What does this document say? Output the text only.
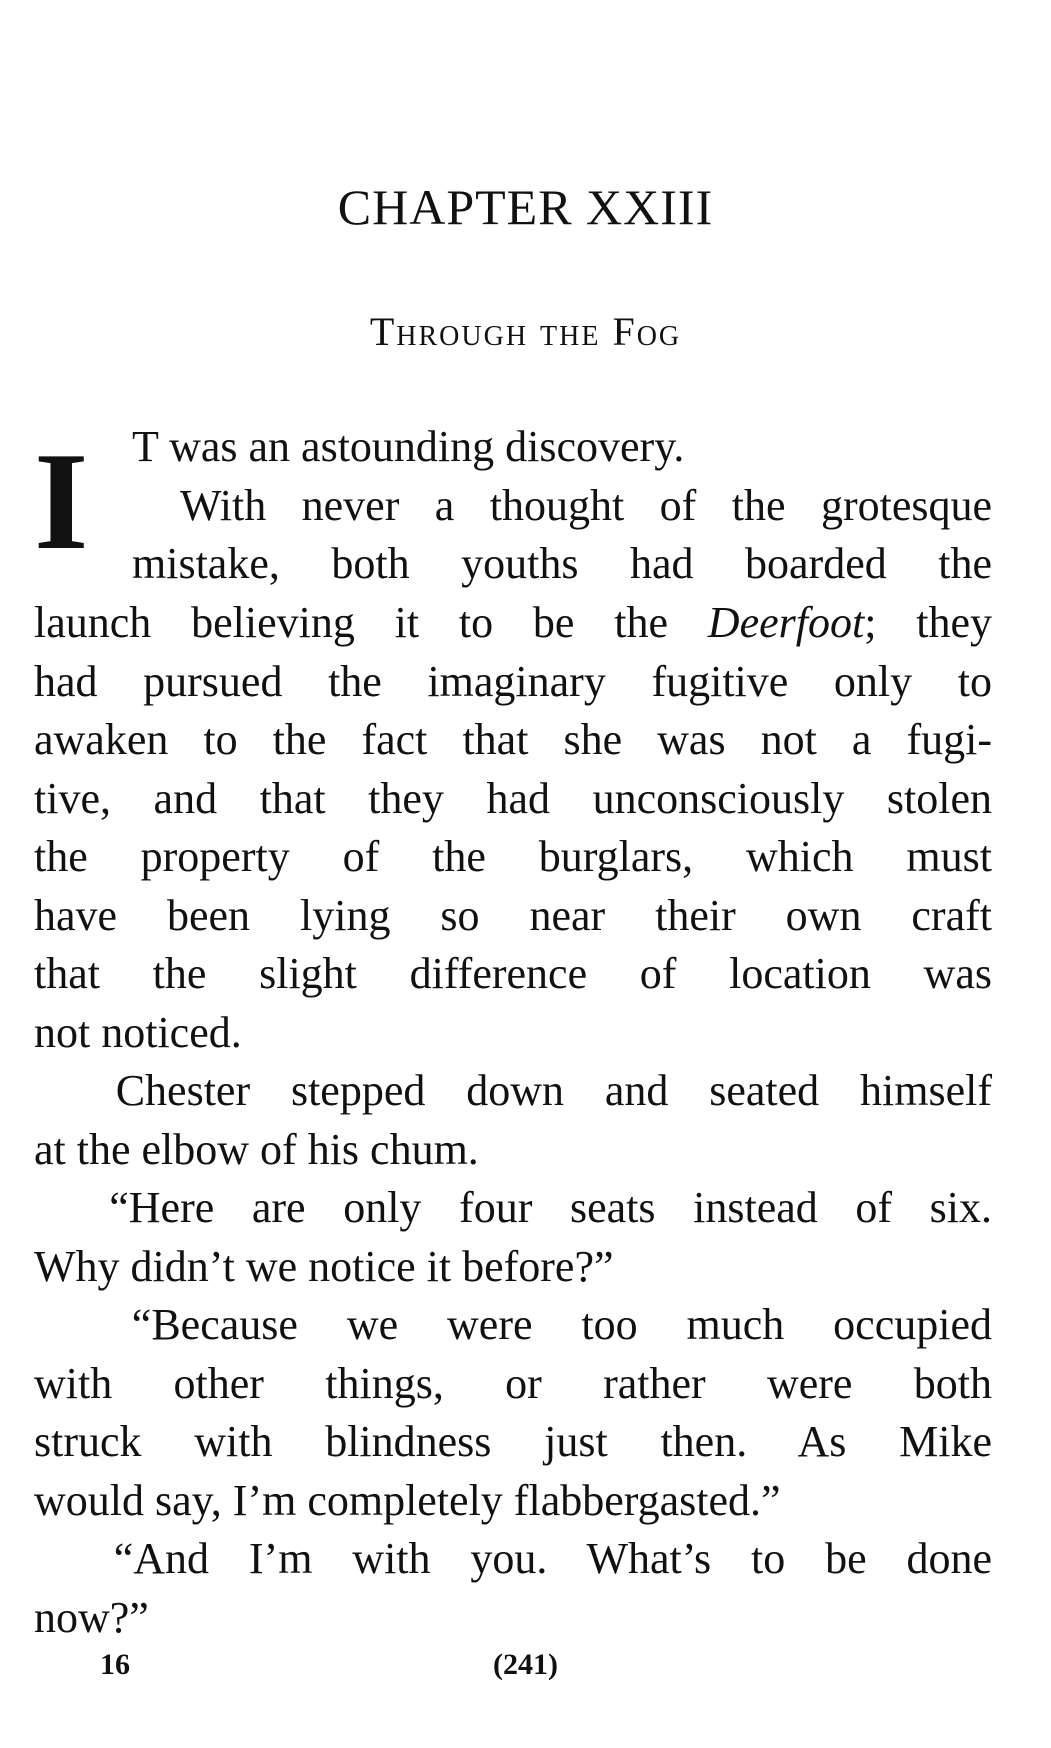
CHAPTER XXIII
Through the Fog
I T was an astounding discovery.
With never a thought of the grotesque
mistake, both youths had boarded the
launch believing it to be the Deerfoot; they
had pursued the imaginary fugitive only to
awaken to the fact that she was not a fugi-
tive, and that they had unconsciously stolen
the property of the burglars, which must
have been lying so near their own craft
that the slight difference of location was
not noticed.
Chester stepped down and seated himself
at the elbow of his chum.
“Here are only four seats instead of six.
Why didn’t we notice it before?”
“Because we were too much occupied
with other things, or rather were both
struck with blindness just then. As Mike
would say, I’m completely flabbergasted.”
“And I’m with you. What’s to be done
now?”
16	(241)
